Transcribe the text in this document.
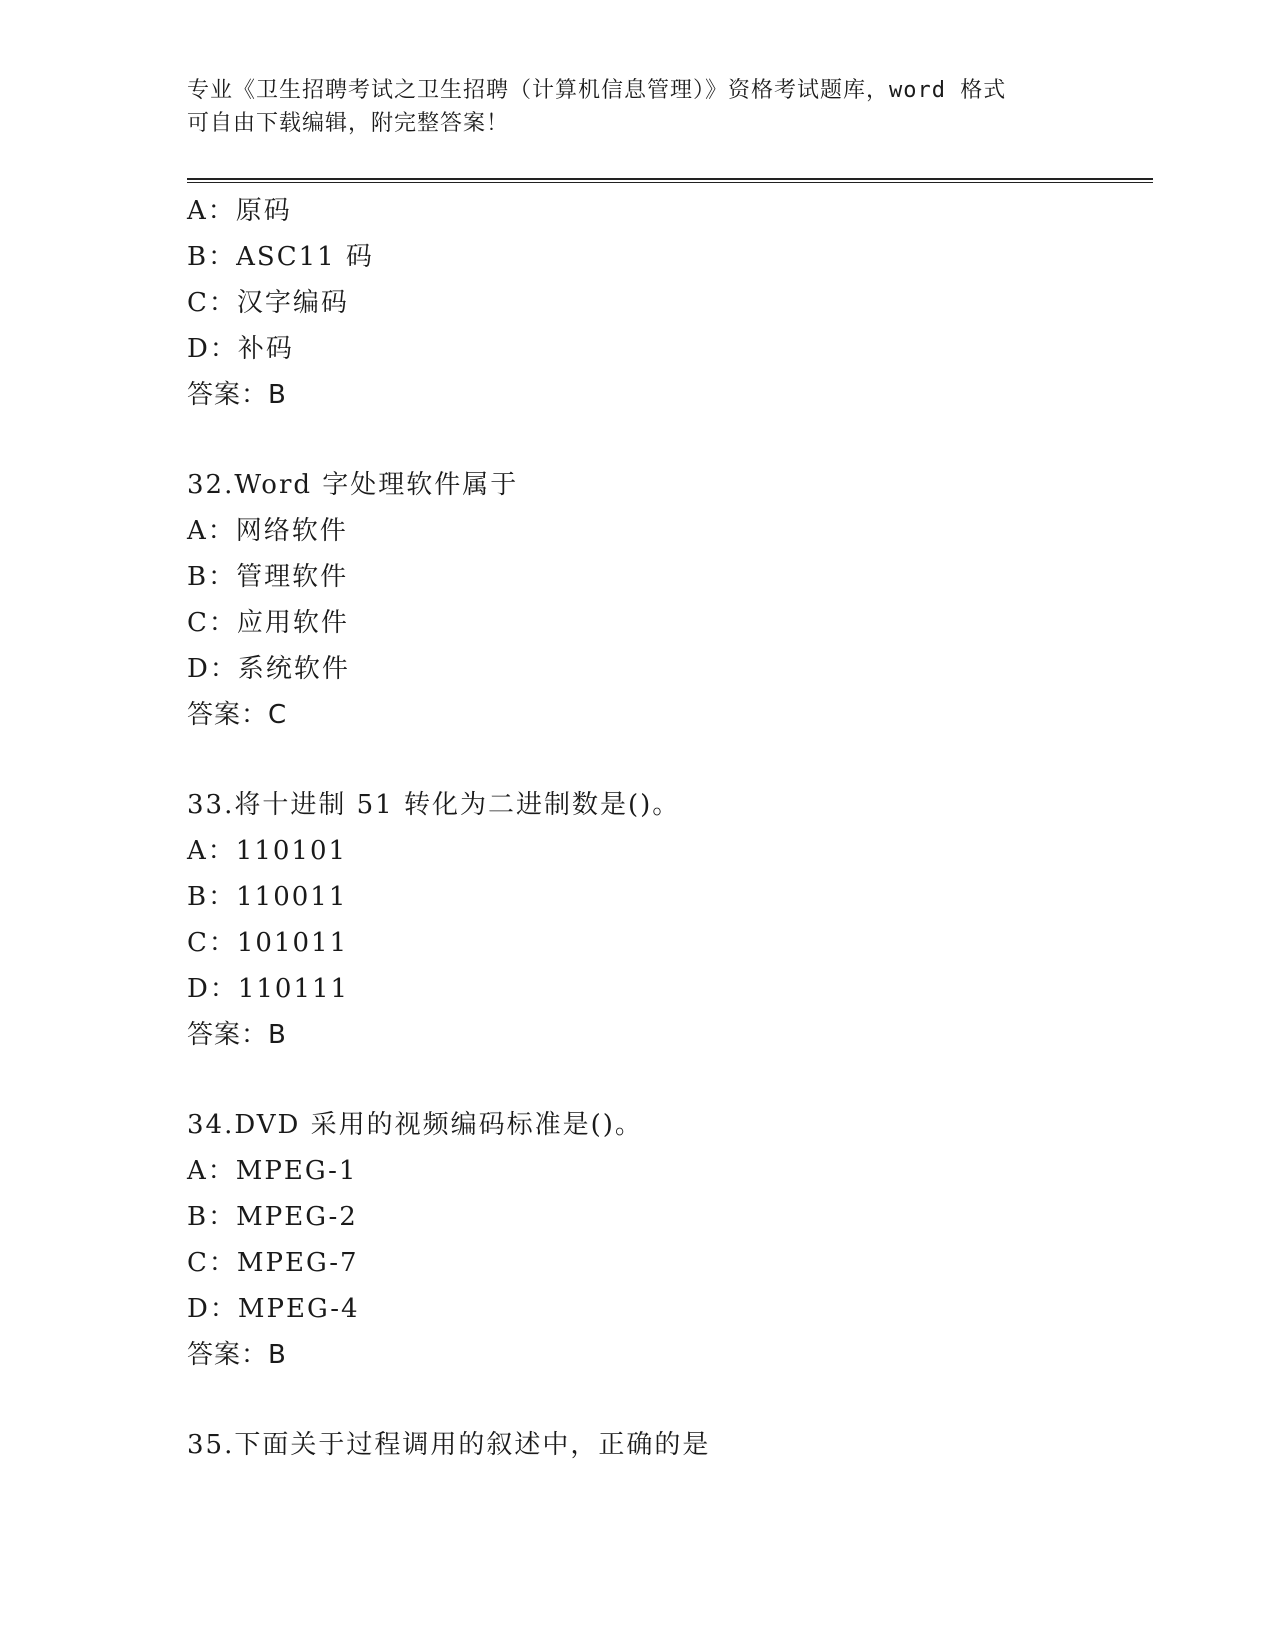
专业《卫生招聘考试之卫生招聘（计算机信息管理）》资格考试题库，word 格式
可自由下载编辑，附完整答案！
A：原码
B：ASC11 码
C：汉字编码
D：补码
答案：B
32.Word 字处理软件属于
A：网络软件
B：管理软件
C：应用软件
D：系统软件
答案：C
33.将十进制 51 转化为二进制数是()。
A：110101
B：110011
C：101011
D：110111
答案：B
34.DVD 采用的视频编码标准是()。
A：MPEG-1
B：MPEG-2
C：MPEG-7
D：MPEG-4
答案：B
35.下面关于过程调用的叙述中，正确的是
